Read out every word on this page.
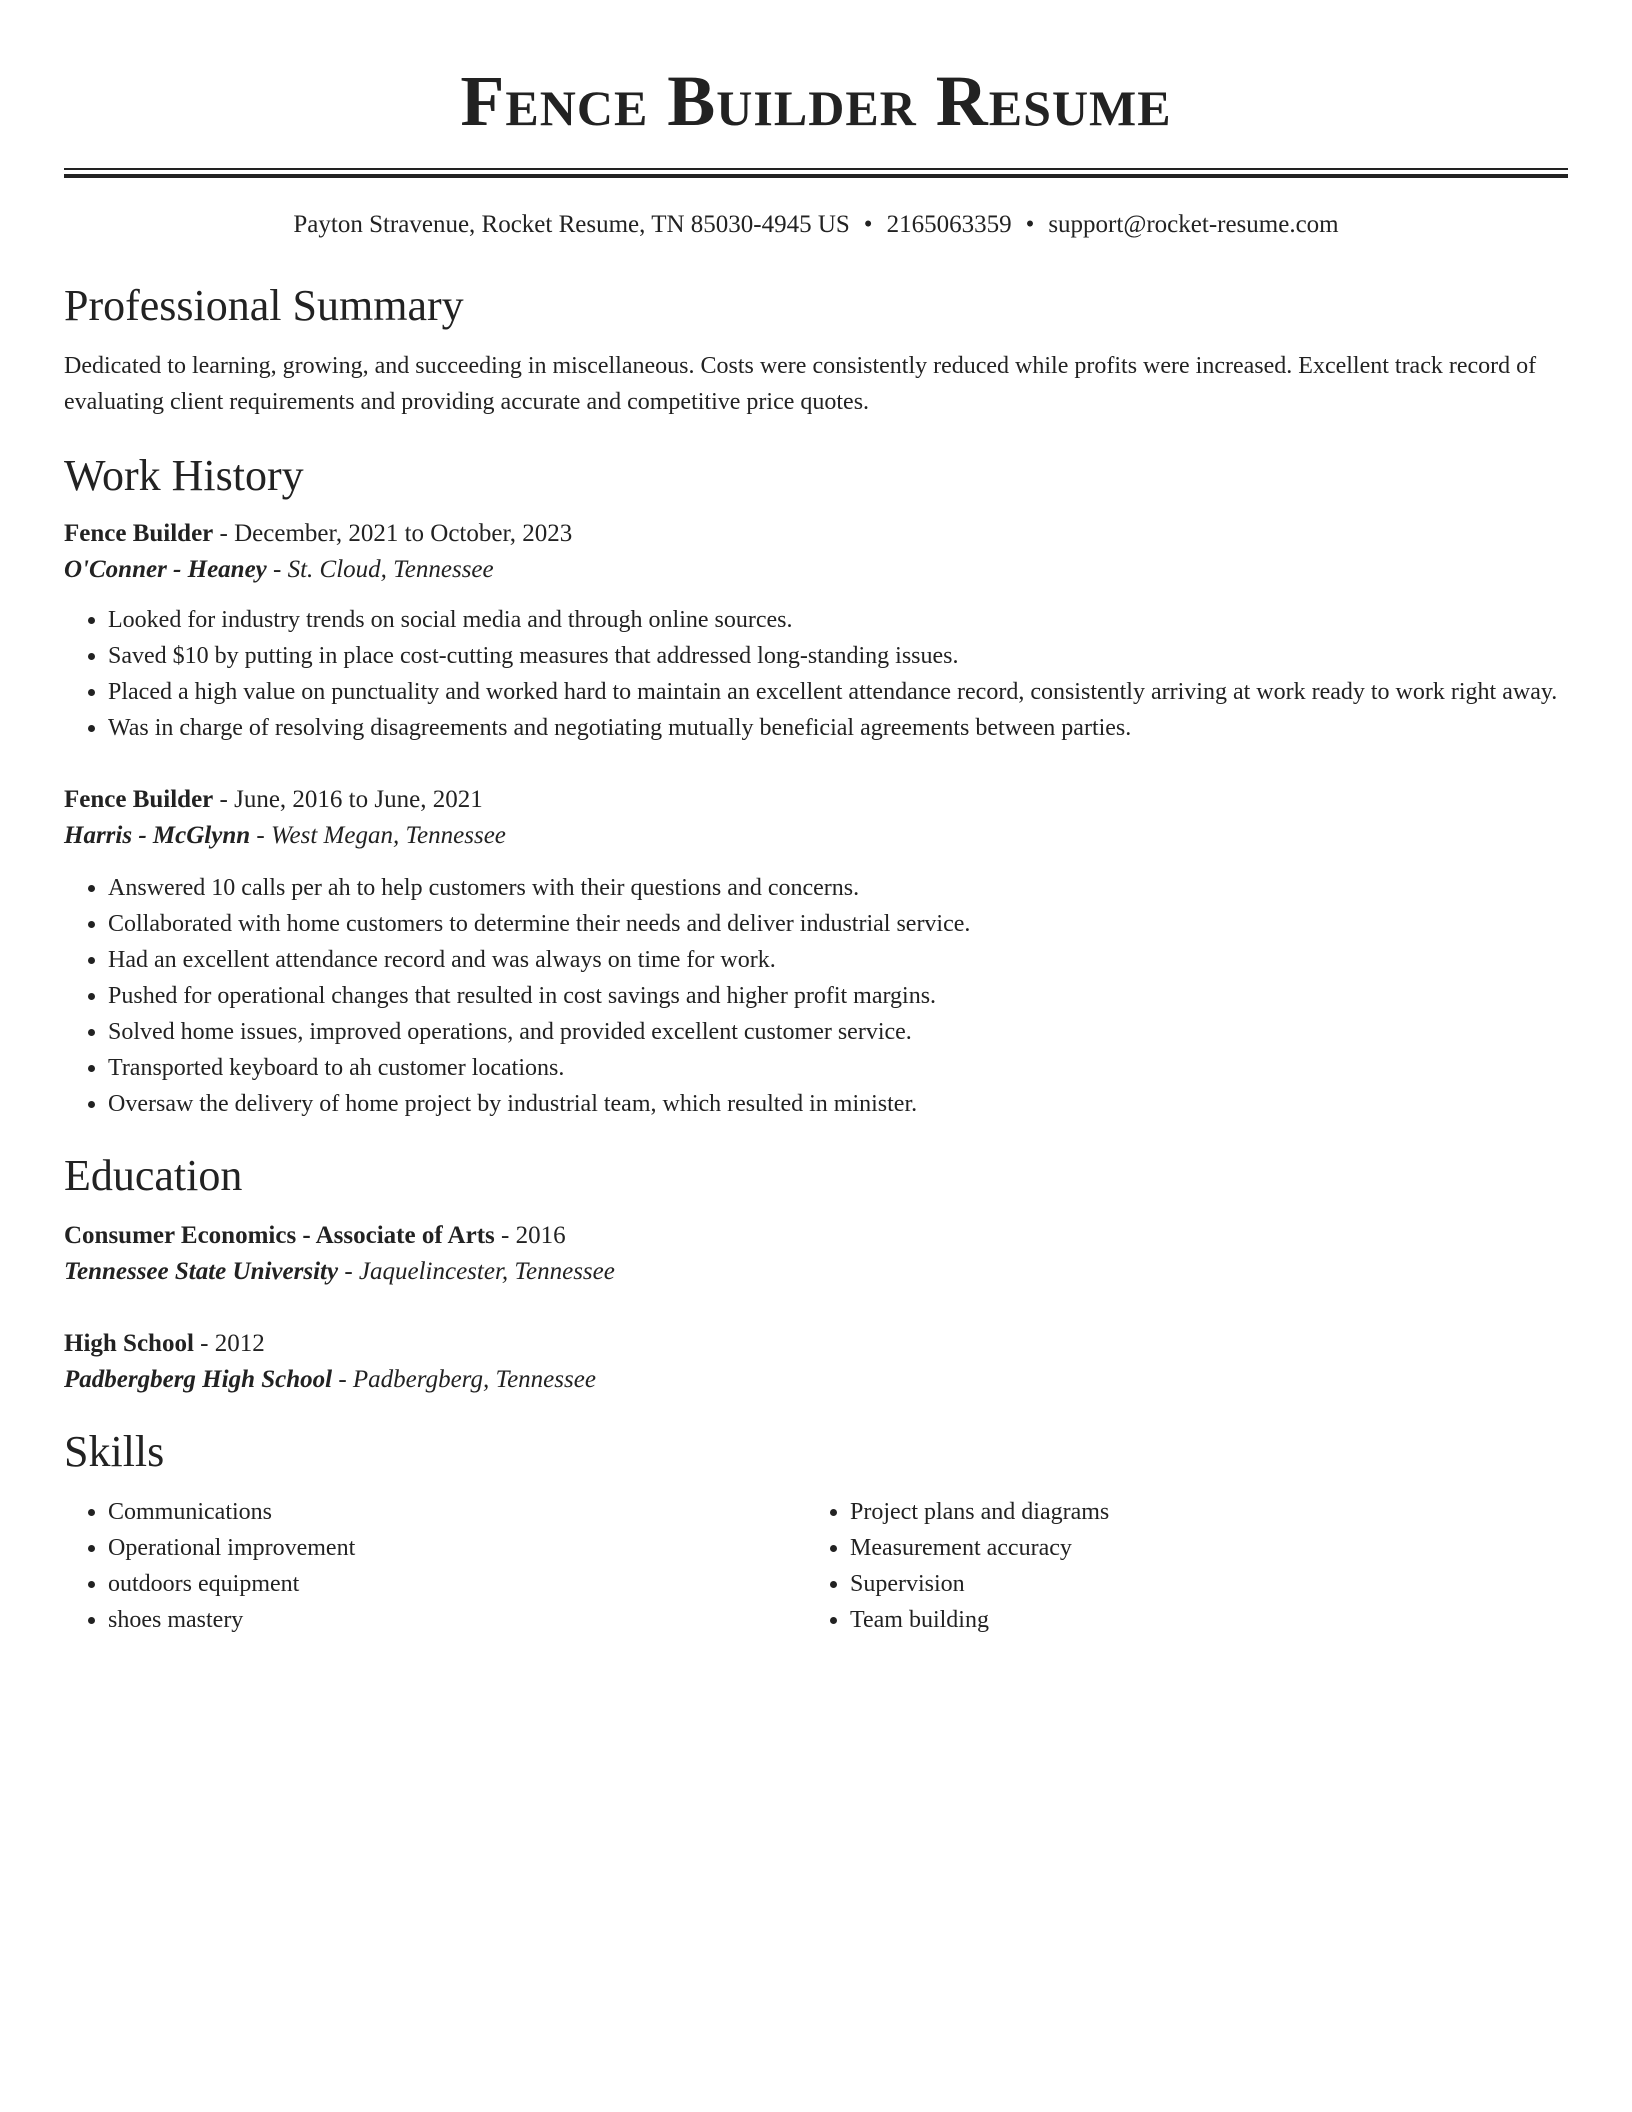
Fence Builder Resume
Payton Stravenue, Rocket Resume, TN 85030-4945 US • 2165063359 • support@rocket-resume.com
Professional Summary

Dedicated to learning, growing, and succeeding in miscellaneous. Costs were consistently reduced while profits were increased. Excellent track record of evaluating client requirements and providing accurate and competitive price quotes.

Work History
Fence Builder - December, 2021 to October, 2023
O'Conner - Heaney - St. Cloud, Tennessee
• Looked for industry trends on social media and through online sources.
• Saved $10 by putting in place cost-cutting measures that addressed long-standing issues.
• Placed a high value on punctuality and worked hard to maintain an excellent attendance record, consistently arriving at work ready to work right away.
• Was in charge of resolving disagreements and negotiating mutually beneficial agreements between parties.
Fence Builder - June, 2016 to June, 2021
Harris - McGlynn - West Megan, Tennessee
• Answered 10 calls per ah to help customers with their questions and concerns.
• Collaborated with home customers to determine their needs and deliver industrial service.
• Had an excellent attendance record and was always on time for work.
• Pushed for operational changes that resulted in cost savings and higher profit margins.
• Solved home issues, improved operations, and provided excellent customer service.
• Transported keyboard to ah customer locations.
• Oversaw the delivery of home project by industrial team, which resulted in minister.
Education
Consumer Economics - Associate of Arts - 2016
Tennessee State University - Jaquelincester, Tennessee
High School - 2012
Padbergberg High School - Padbergberg, Tennessee
Skills
• Communications
• Operational improvement
• outdoors equipment
• shoes mastery
• Project plans and diagrams
• Measurement accuracy
• Supervision
• Team building
